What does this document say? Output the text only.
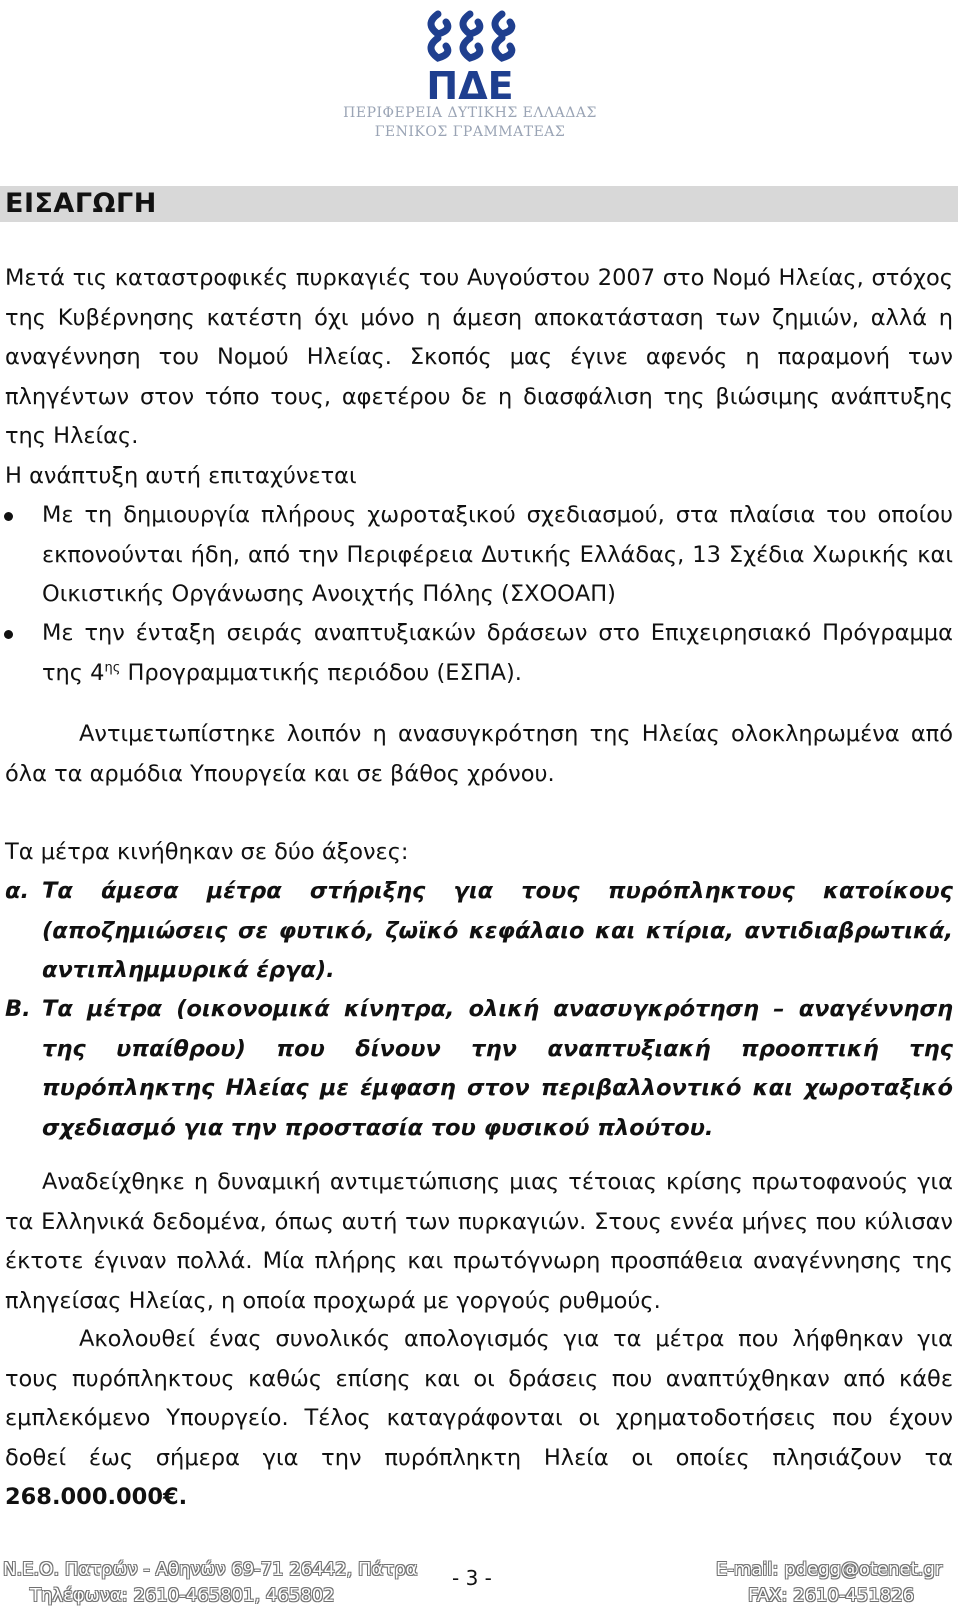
ΠΔΕ
ΠΕΡΙΦΕΡΕΙΑ ΔΥΤΙΚΗΣ ΕΛΛΑΔΑΣ
ΓΕΝΙΚΟΣ ΓΡΑΜΜΑΤΕΑΣ
ΕΙΣΑΓΩΓΗ

Μετά τις καταστροφικές πυρκαγιές του Αυγούστου 2007 στο Νομό Ηλείας, στόχος της Κυβέρνησης κατέστη όχι μόνο η άμεση αποκατάσταση των ζημιών, αλλά η αναγέννηση του Νομού Ηλείας. Σκοπός μας έγινε αφενός η παραμονή των πληγέντων στον τόπο τους, αφετέρου δε η διασφάλιση της βιώσιμης ανάπτυξης της Ηλείας.

Η ανάπτυξη αυτή επιταχύνεται

Με τη δημιουργία πλήρους χωροταξικού σχεδιασμού, στα πλαίσια του οποίου εκπονούνται ήδη, από την Περιφέρεια Δυτικής Ελλάδας, 13 Σχέδια Χωρικής και Οικιστικής Οργάνωσης Ανοιχτής Πόλης (ΣΧΟΟΑΠ)
Με την ένταξη σειράς αναπτυξιακών δράσεων στο Επιχειρησιακό Πρόγραμμα της $4^{\eta\varsigma}$ Προγραμματικής περιόδου (ΕΣΠΑ).

Αντιμετωπίστηκε λοιπόν η ανασυγκρότηση της Ηλείας ολοκληρωμένα από όλα τα αρμόδια Υπουργεία και σε βάθος χρόνου.

Τα μέτρα κινήθηκαν σε δύο άξονες:

α. Τα άμεσα μέτρα στήριξης για τους πυρόπληκτους κατοίκους (αποζημιώσεις σε φυτικό, ζωϊκό κεφάλαιο και κτίρια, αντιδιαβρωτικά, αντιπλημμυρικά έργα).
Β. Τα μέτρα (οικονομικά κίνητρα, ολική ανασυγκρότηση – αναγέννηση της υπαίθρου) που δίνουν την αναπτυξιακή προοπτική της πυρόπληκτης Ηλείας με έμφαση στον περιβαλλοντικό και χωροταξικό σχεδιασμό για την προστασία του φυσικού πλούτου.

Αναδείχθηκε η δυναμική αντιμετώπισης μιας τέτοιας κρίσης πρωτοφανούς για τα Ελληνικά δεδομένα, όπως αυτή των πυρκαγιών. Στους εννέα μήνες που κύλισαν έκτοτε έγιναν πολλά. Μία πλήρης και πρωτόγνωρη προσπάθεια αναγέννησης της πληγείσας Ηλείας, η οποία προχωρά με γοργούς ρυθμούς.

Ακολουθεί ένας συνολικός απολογισμός για τα μέτρα που λήφθηκαν για τους πυρόπληκτους καθώς επίσης και οι δράσεις που αναπτύχθηκαν από κάθε εμπλεκόμενο Υπουργείο. Τέλος καταγράφονται οι χρηματοδοτήσεις που έχουν δοθεί έως σήμερα για την πυρόπληκτη Ηλεία οι οποίες πλησιάζουν τα 268.000.000€.

Ν.Ε.Ο. Πατρών - Αθηνών 69-71 26442, Πάτρα
Τηλέφωνα: 2610-465801, 465802
- 3 -	E-mail: pdegg@otenet.gr
FAX: 2610-451826
